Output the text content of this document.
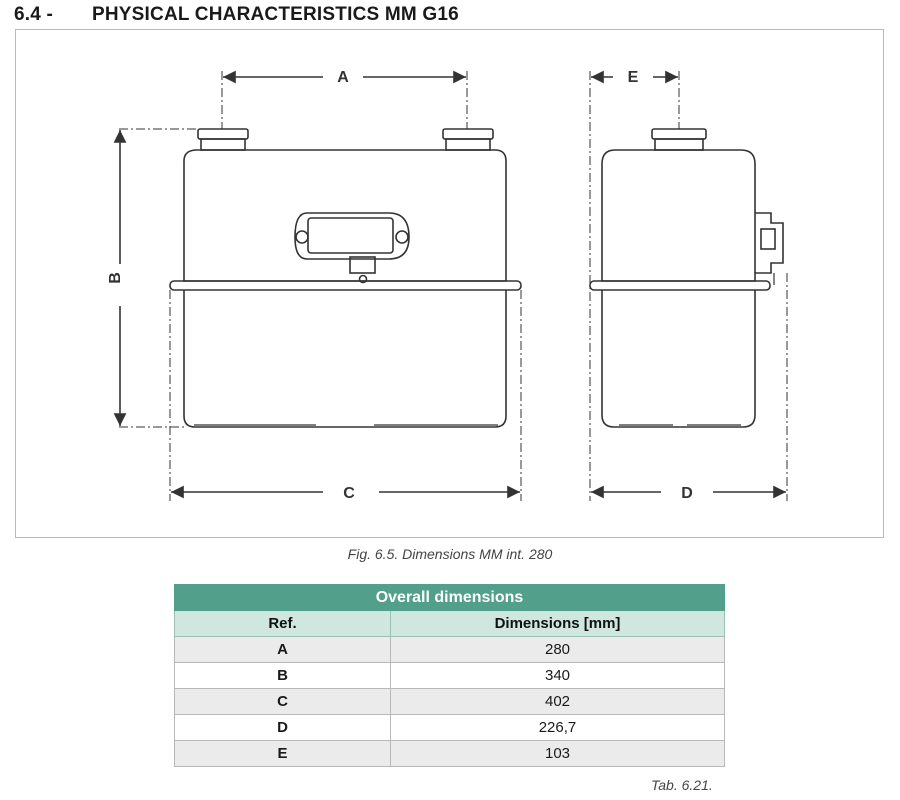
6.4 - PHYSICAL CHARACTERISTICS MM G16
A
B
C	D
E
Fig. 6.5. Dimensions MM int. 280
Overall dimensions	
Ref.	Dimensions [mm]
A	280
B	340
C	402
D	226,7
E	103
Tab. 6.21.
